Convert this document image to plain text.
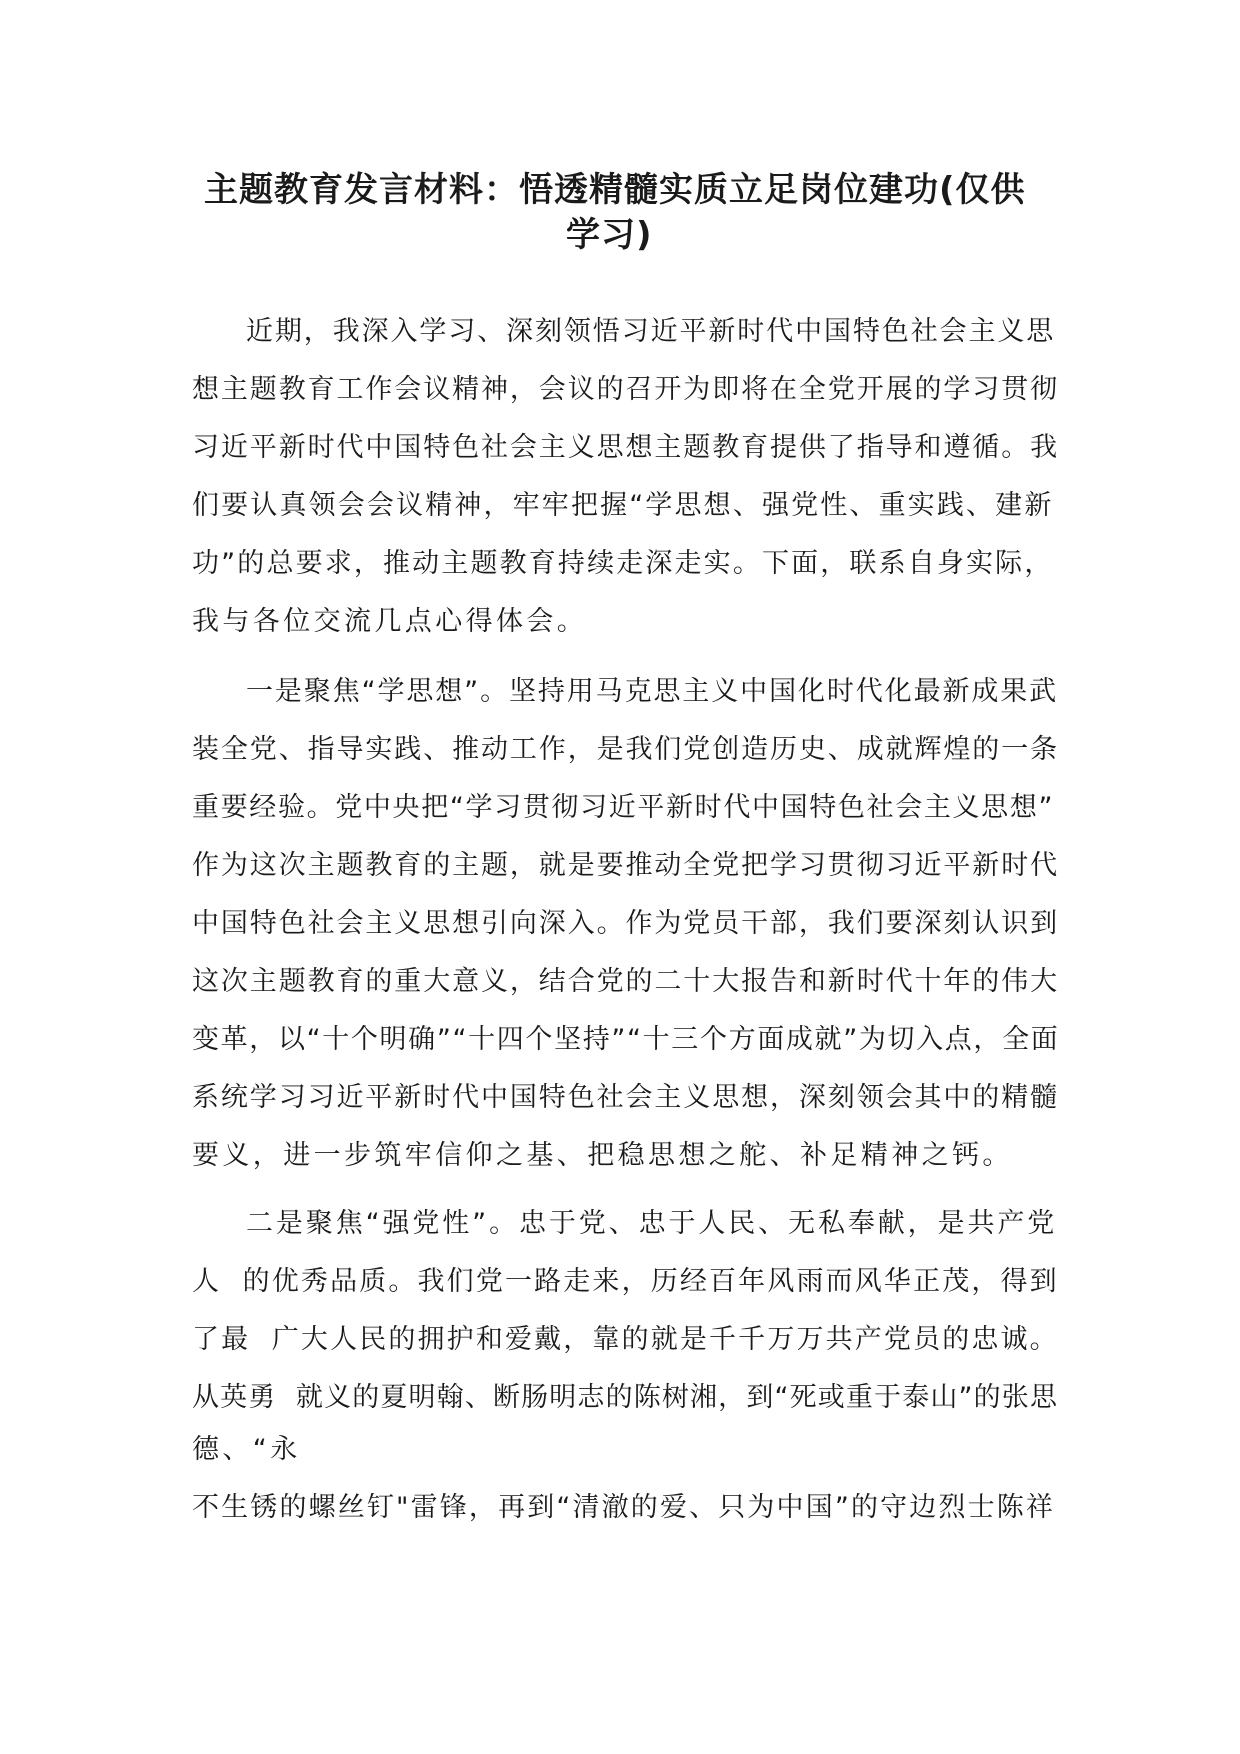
主题教育发言材料：悟透精髓实质立足岗位建功(仅供
学习)
近期，我深入学习、深刻领悟习近平新时代中国特色社会主义思
想主题教育工作会议精神，会议的召开为即将在全党开展的学习贯彻
习近平新时代中国特色社会主义思想主题教育提供了指导和遵循。我
们要认真领会会议精神，牢牢把握“学思想、强党性、重实践、建新
功”的总要求，推动主题教育持续走深走实。下面，联系自身实际，
我与各位交流几点心得体会。
一是聚焦“学思想”。坚持用马克思主义中国化时代化最新成果武
装全党、指导实践、推动工作，是我们党创造历史、成就辉煌的一条
重要经验。党中央把“学习贯彻习近平新时代中国特色社会主义思想”
作为这次主题教育的主题，就是要推动全党把学习贯彻习近平新时代
中国特色社会主义思想引向深入。作为党员干部，我们要深刻认识到
这次主题教育的重大意义，结合党的二十大报告和新时代十年的伟大
变革，以“十个明确”“十四个坚持”“十三个方面成就”为切入点，全面
系统学习习近平新时代中国特色社会主义思想，深刻领会其中的精髓
要义，进一步筑牢信仰之基、把稳思想之舵、补足精神之钙。
二是聚焦“强党性”。忠于党、忠于人民、无私奉献，是共产党
人  的优秀品质。我们党一路走来，历经百年风雨而风华正茂，得到
了最  广大人民的拥护和爱戴，靠的就是千千万万共产党员的忠诚。
从英勇  就义的夏明翰、断肠明志的陈树湘，到“死或重于泰山”的张思
德、“永
不生锈的螺丝钉"雷锋，再到“清澈的爱、只为中国”的守边烈士陈祥
